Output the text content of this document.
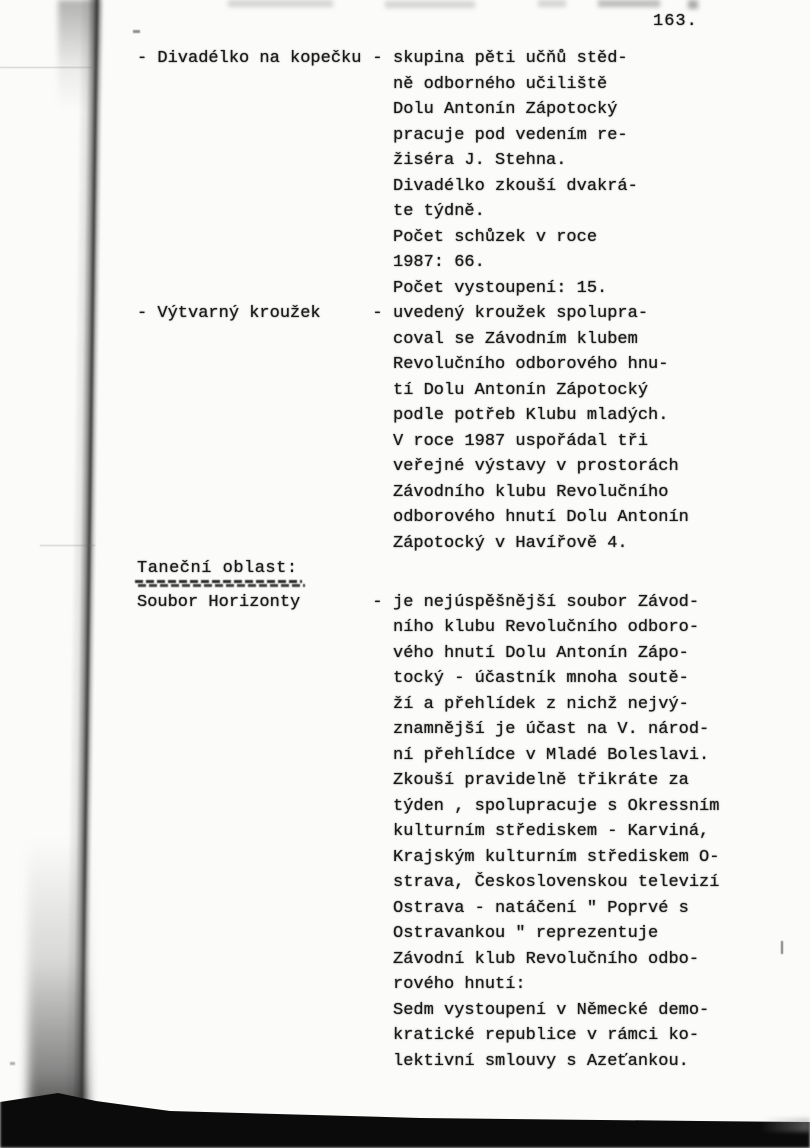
163.
- Divadélko na kopečku - skupina pěti učňů stěd-
ně odborného učiliště
Dolu Antonín Zápotocký
pracuje pod vedením re-
žiséra J. Stehna.
Divadélko zkouší dvakrá-
te týdně.
Počet schůzek v roce
1987: 66.
Počet vystoupení: 15.
- Výtvarný kroužek	- uvedený kroužek spolupra-
coval se Závodním klubem
Revolučního odborového hnu-
tí Dolu Antonín Zápotocký
podle potřeb Klubu mladých.
V roce 1987 uspořádal tři
veřejné výstavy v prostorách
Závodního klubu Revolučního
odborového hnutí Dolu Antonín
Zápotocký v Havířově 4.
Taneční oblast:
Soubor Horizonty	- je nejúspěšnější soubor Závod-
ního klubu Revolučního odboro-
vého hnutí Dolu Antonín Zápo-
tocký - účastník mnoha soutě-
ží a přehlídek z nichž nejvý-
znamnější je účast na V. národ-
ní přehlídce v Mladé Boleslavi.
Zkouší pravidelně třikráte za
týden , spolupracuje s Okressním
kulturním střediskem - Karviná,
Krajským kulturním střediskem O-
strava, Československou televizí
Ostrava - natáčení " Poprvé s
Ostravankou " reprezentuje
Závodní klub Revolučního odbo-
rového hnutí:
Sedm vystoupení v Německé demo-
kratické republice v rámci ko-
lektivní smlouvy s Azeťankou.
